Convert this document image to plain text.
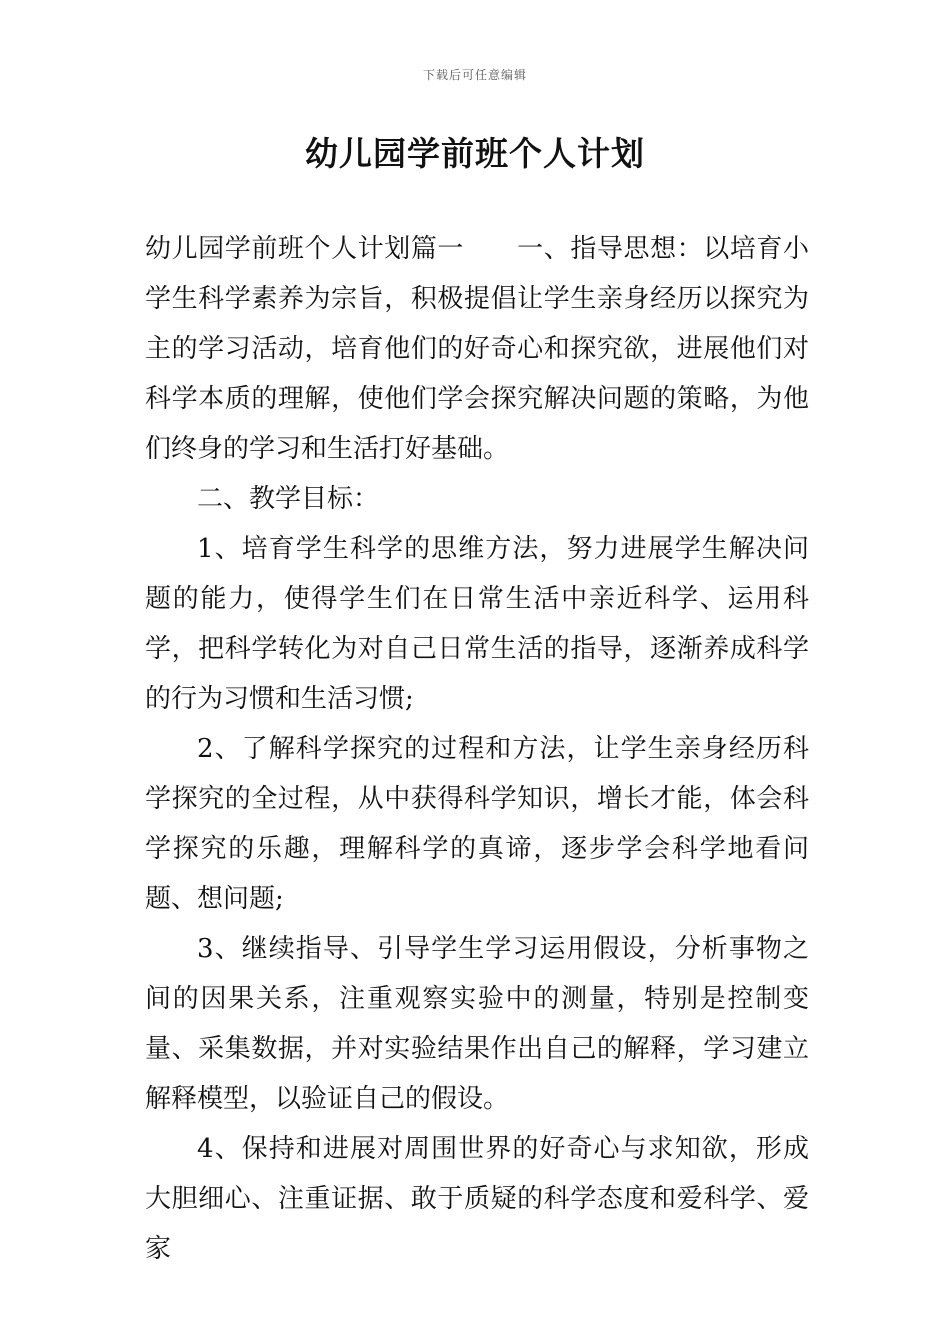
下载后可任意编辑
幼儿园学前班个人计划

幼儿园学前班个人计划篇一　　一、指导思想：以培育小学生科学素养为宗旨，积极提倡让学生亲身经历以探究为主的学习活动，培育他们的好奇心和探究欲，进展他们对科学本质的理解，使他们学会探究解决问题的策略，为他们终身的学习和生活打好基础。

二、教学目标：

1、培育学生科学的思维方法，努力进展学生解决问题的能力，使得学生们在日常生活中亲近科学、运用科学，把科学转化为对自己日常生活的指导，逐渐养成科学的行为习惯和生活习惯;

2、了解科学探究的过程和方法，让学生亲身经历科学探究的全过程，从中获得科学知识，增长才能，体会科学探究的乐趣，理解科学的真谛，逐步学会科学地看问题、想问题;

3、继续指导、引导学生学习运用假设，分析事物之间的因果关系，注重观察实验中的测量，特别是控制变量、采集数据，并对实验结果作出自己的解释，学习建立解释模型，以验证自己的假设。

4、保持和进展对周围世界的好奇心与求知欲，形成大胆细心、注重证据、敢于质疑的科学态度和爱科学、爱家
